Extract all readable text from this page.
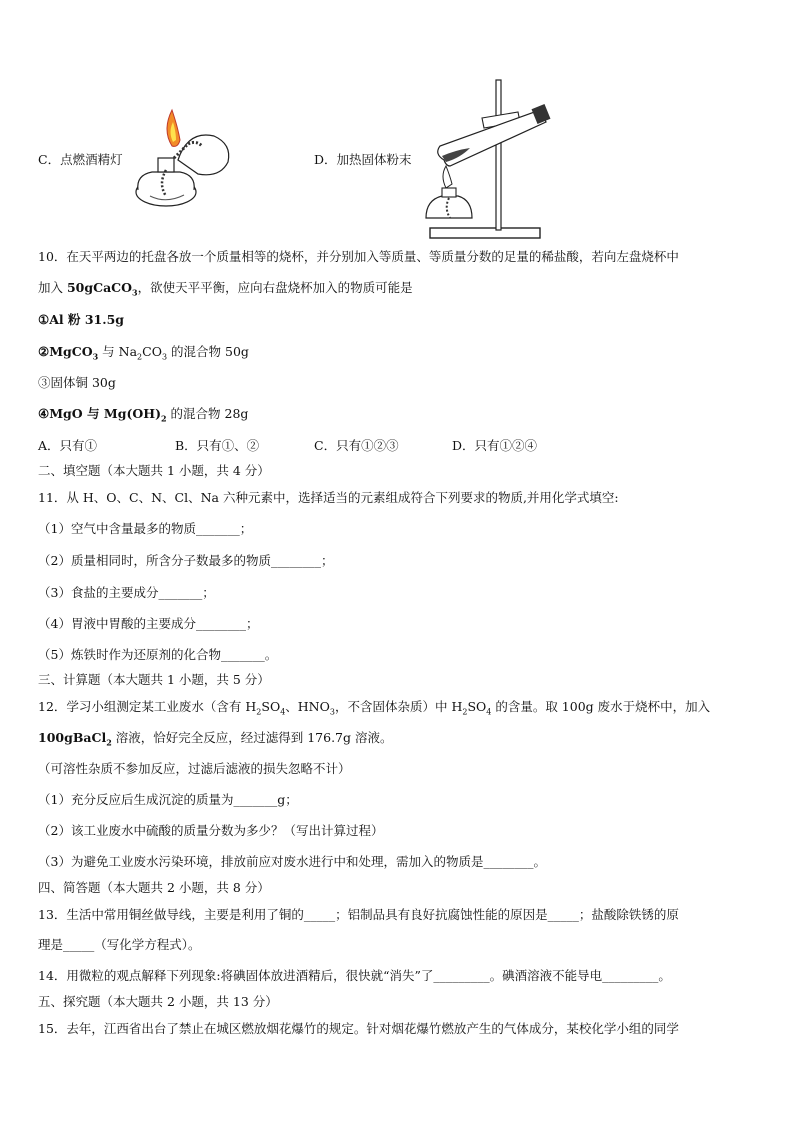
C．点燃酒精灯	D．加热固体粉末
10．在天平两边的托盘各放一个质量相等的烧杯，并分别加入等质量、等质量分数的足量的稀盐酸，若向左盘烧杯中
加入 50gCaCO$_3$，欲使天平平衡，应向右盘烧杯加入的物质可能是
①Al 粉 31.5g
②MgCO$_3$ 与 $Na_2CO_3$ 的混合物 50g
③固体铜 30g
④MgO 与 $Mg(OH)_2$ 的混合物 28g
A．只有①	B．只有①、②	C．只有①②③	D．只有①②④
二、填空题（本大题共 1 小题，共 4 分）
11．从 H、O、C、N、Cl、Na 六种元素中，选择适当的元素组成符合下列要求的物质,并用化学式填空:
（1）空气中含量最多的物质_______；
（2）质量相同时，所含分子数最多的物质________；
（3）食盐的主要成分_______；
（4）胃液中胃酸的主要成分________；
（5）炼铁时作为还原剂的化合物_______。
三、计算题（本大题共 1 小题，共 5 分）
12．学习小组测定某工业废水（含有 $H_2SO_4$、$HNO_3$，不含固体杂质）中 $H_2SO_4$ 的含量。取 100g 废水于烧杯中，加入
100gBaCl$_2$ 溶液，恰好完全反应，经过滤得到 176.7g 溶液。
（可溶性杂质不参加反应，过滤后滤液的损失忽略不计）
（1）充分反应后生成沉淀的质量为_______g；
（2）该工业废水中硫酸的质量分数为多少？（写出计算过程）
（3）为避免工业废水污染环境，排放前应对废水进行中和处理，需加入的物质是________。
四、简答题（本大题共 2 小题，共 8 分）
13．生活中常用铜丝做导线，主要是利用了铜的_____；铝制品具有良好抗腐蚀性能的原因是_____；盐酸除铁锈的原
理是_____（写化学方程式）。
14．用微粒的观点解释下列现象:将碘固体放进酒精后，很快就“消失”了_________。碘酒溶液不能导电_________。
五、探究题（本大题共 2 小题，共 13 分）
15．去年，江西省出台了禁止在城区燃放烟花爆竹的规定。针对烟花爆竹燃放产生的气体成分，某校化学小组的同学
